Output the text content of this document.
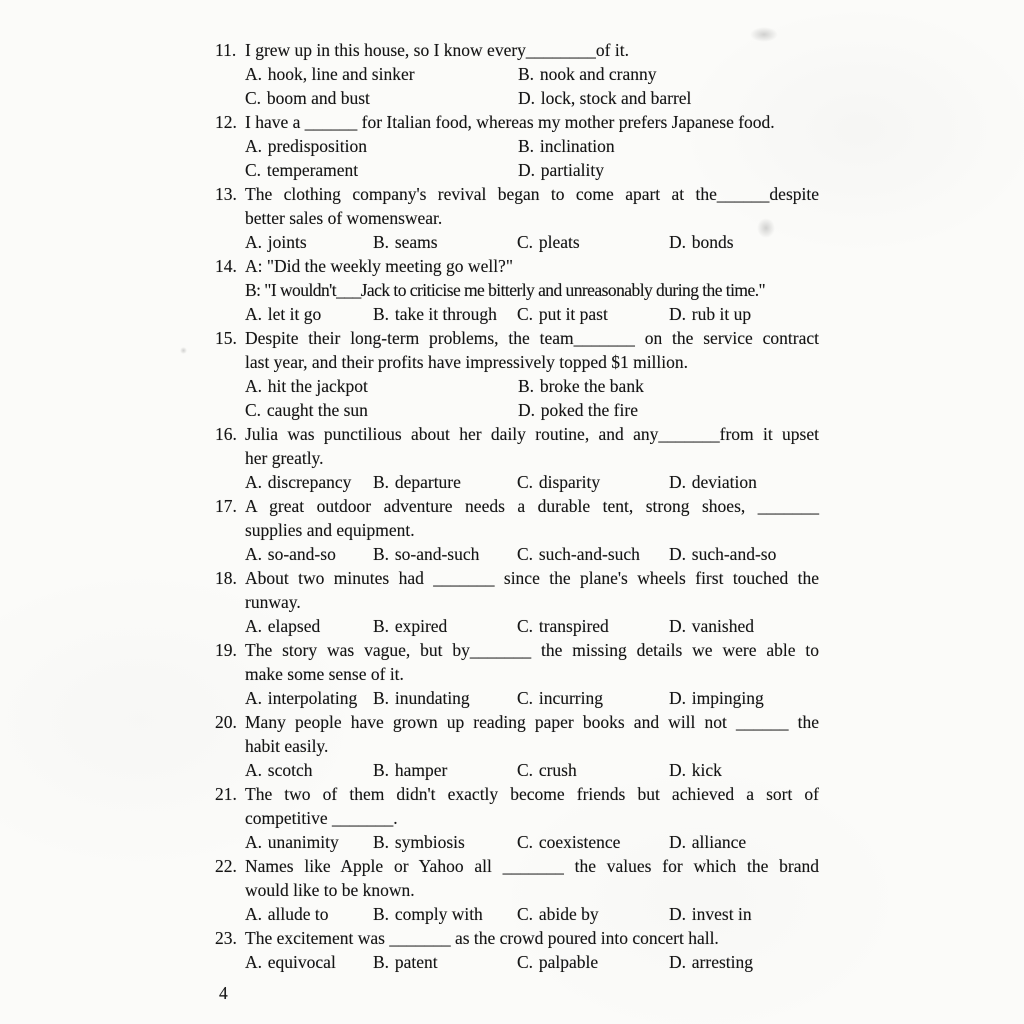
11. I grew up in this house, so I know every________of it.
A. hook, line and sinker	B. nook and cranny
C. boom and bust	D. lock, stock and barrel
12. I have a ______ for Italian food, whereas my mother prefers Japanese food.
A. predisposition	B. inclination
C. temperament	D. partiality
13. The clothing company's revival began to come apart at the______despite
better sales of womenswear.
A. joints	B. seams	C. pleats	D. bonds
14. A: "Did the weekly meeting go well?"
B: "I wouldn't___Jack to criticise me bitterly and unreasonably during the time."
A. let it go	B. take it through	C. put it past	D. rub it up
15. Despite their long-term problems, the team_______ on the service contract
last year, and their profits have impressively topped $1 million.
A. hit the jackpot	B. broke the bank
C. caught the sun	D. poked the fire
16. Julia was punctilious about her daily routine, and any_______from it upset
her greatly.
A. discrepancy	B. departure	C. disparity	D. deviation
17. A great outdoor adventure needs a durable tent, strong shoes, _______
supplies and equipment.
A. so-and-so	B. so-and-such	C. such-and-such	D. such-and-so
18. About two minutes had _______ since the plane's wheels first touched the
runway.
A. elapsed	B. expired	C. transpired	D. vanished
19. The story was vague, but by_______ the missing details we were able to
make some sense of it.
A. interpolating B. inundating	C. incurring	D. impinging
20. Many people have grown up reading paper books and will not ______ the
habit easily.
A. scotch	B. hamper	C. crush	D. kick
21. The two of them didn't exactly become friends but achieved a sort of
competitive _______.
A. unanimity	B. symbiosis	C. coexistence	D. alliance
22. Names like Apple or Yahoo all _______ the values for which the brand
would like to be known.
A. allude to	B. comply with	C. abide by	D. invest in
23. The excitement was _______ as the crowd poured into concert hall.
A. equivocal	B. patent	C. palpable	D. arresting
4
